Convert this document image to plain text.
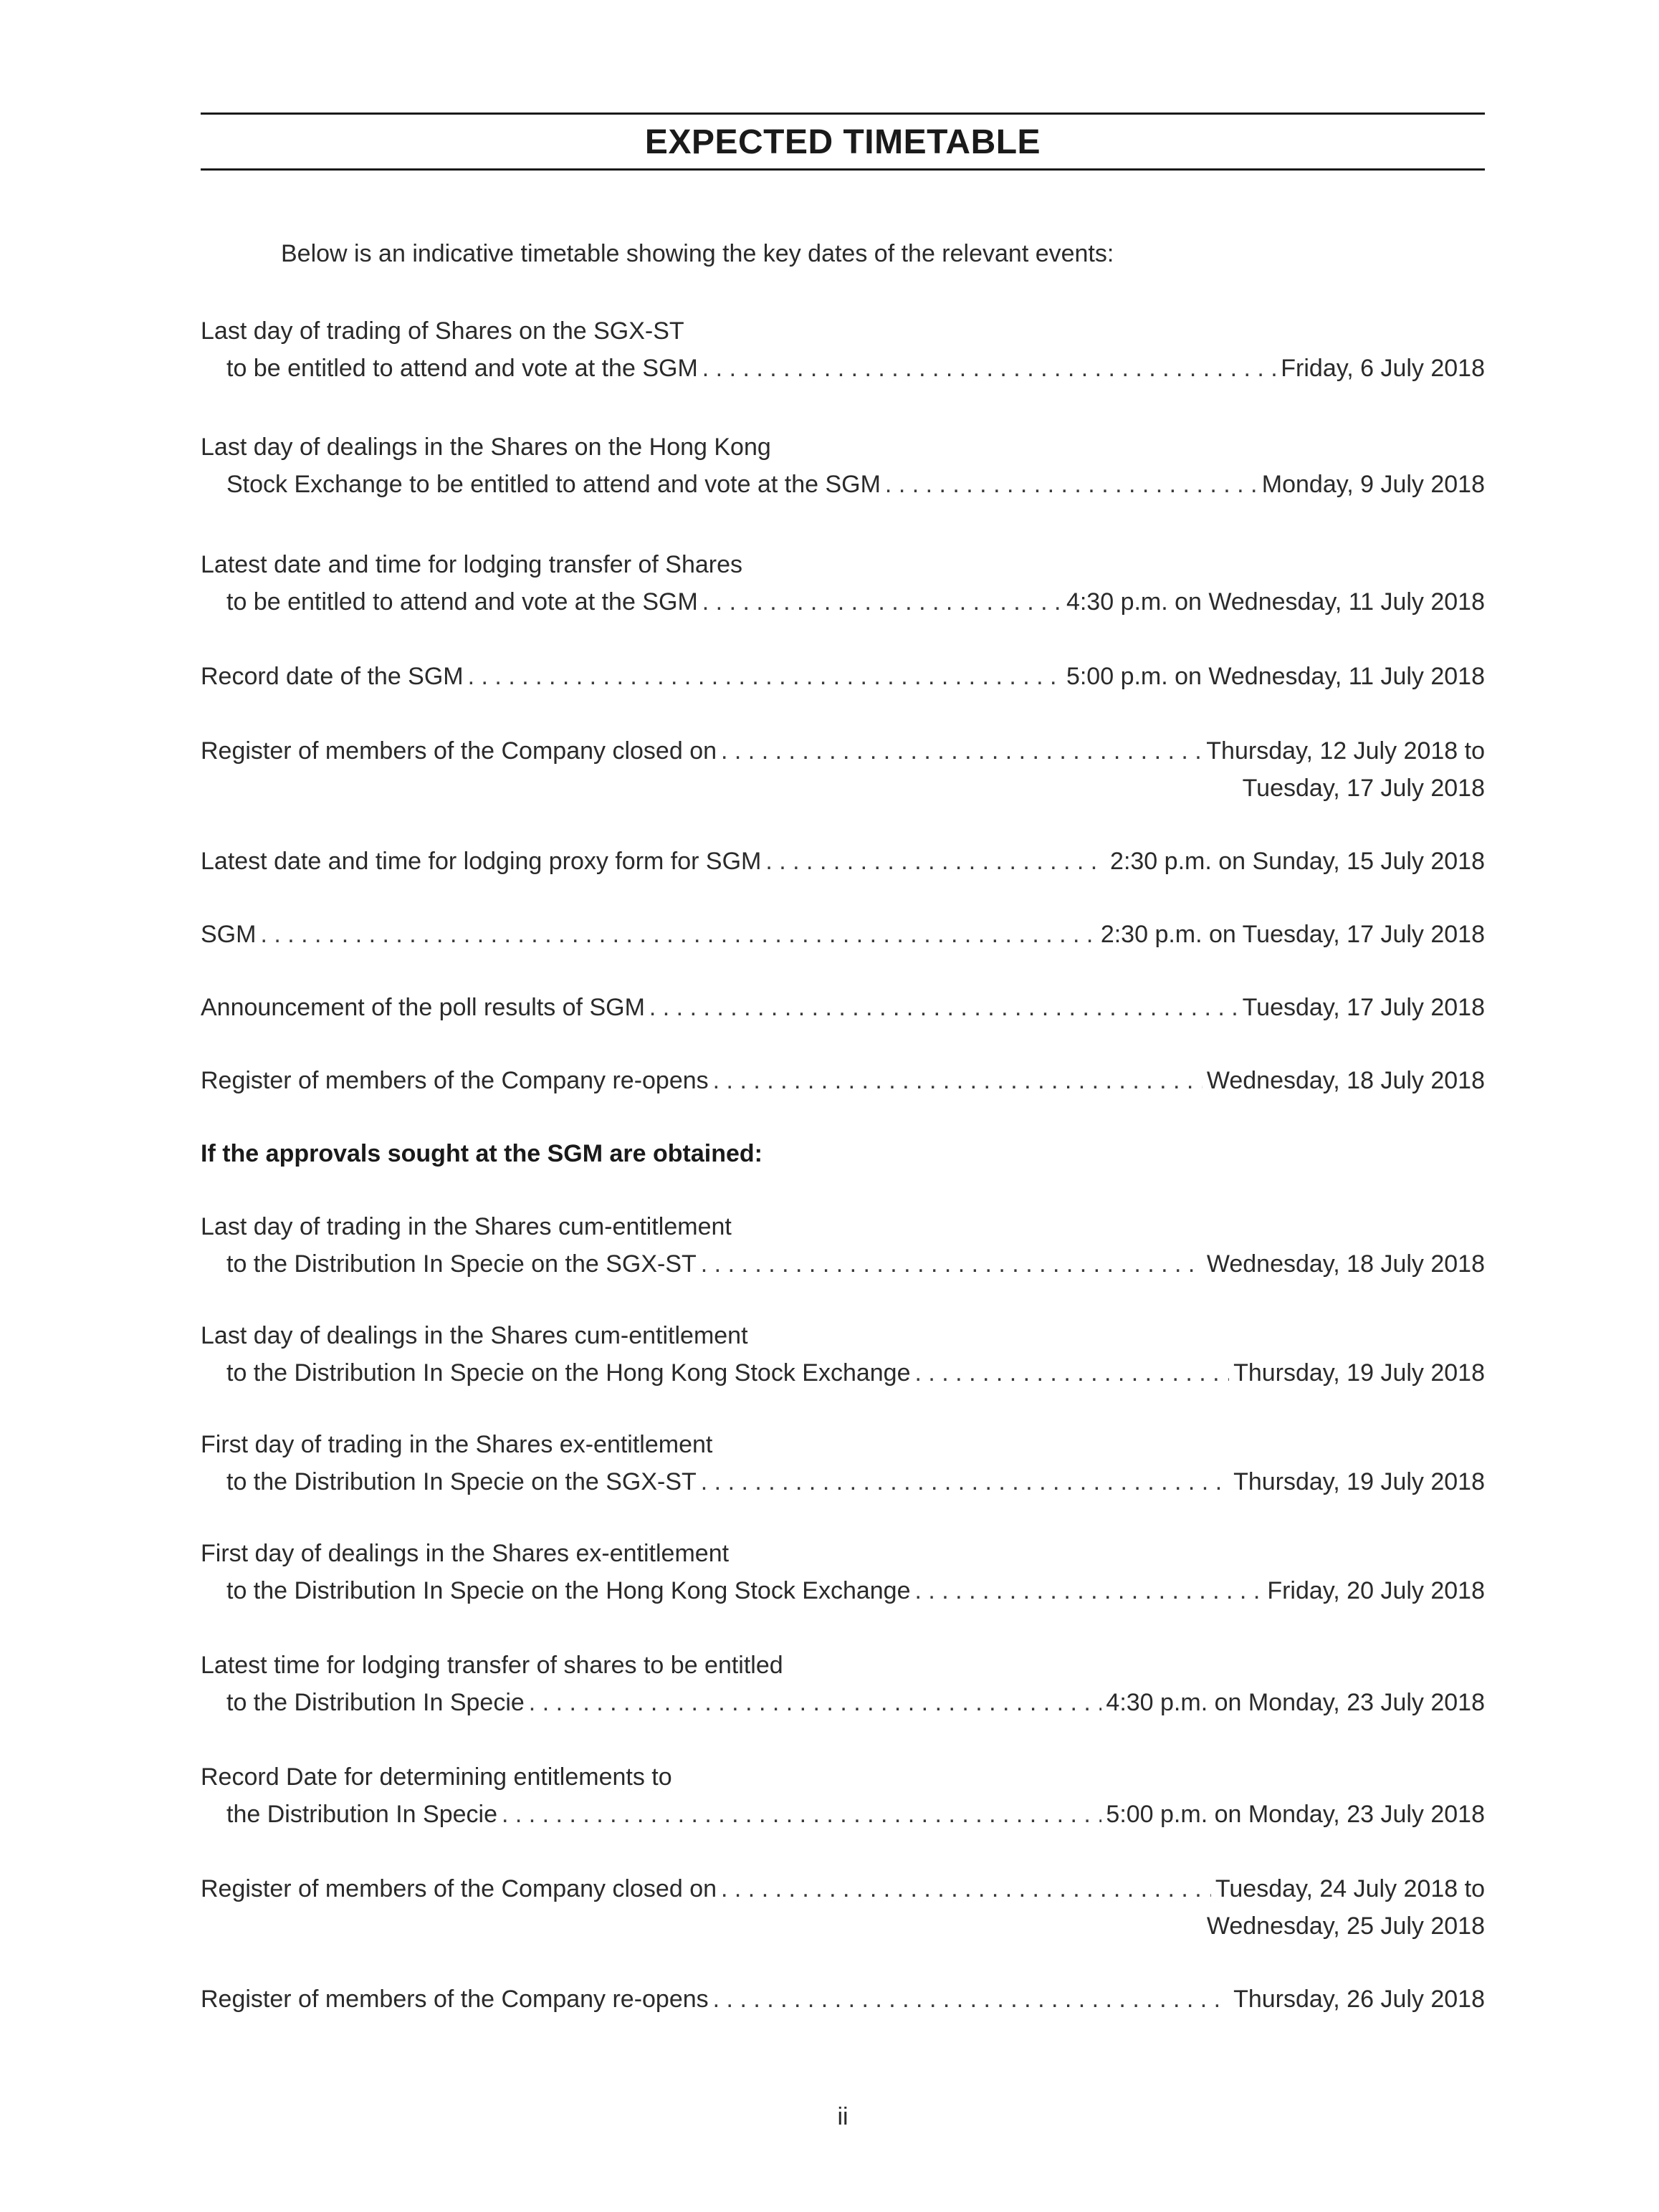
EXPECTED TIMETABLE
Below is an indicative timetable showing the key dates of the relevant events:
Last day of trading of Shares on the SGX-ST
to be entitled to attend and vote at the SGM . . .	Friday, 6 July 2018
Last day of dealings in the Shares on the Hong Kong
Stock Exchange to be entitled to attend and vote at the SGM . . .	Monday, 9 July 2018
Latest date and time for lodging transfer of Shares
to be entitled to attend and vote at the SGM . . .	4:30 p.m. on Wednesday, 11 July 2018
Record date of the SGM . . .	5:00 p.m. on Wednesday, 11 July 2018
Register of members of the Company closed on . . .	Thursday, 12 July 2018 to
Tuesday, 17 July 2018
Latest date and time for lodging proxy form for SGM . . .	2:30 p.m. on Sunday, 15 July 2018
SGM . . .	2:30 p.m. on Tuesday, 17 July 2018
Announcement of the poll results of SGM . . .	Tuesday, 17 July 2018
Register of members of the Company re-opens . . .	Wednesday, 18 July 2018
If the approvals sought at the SGM are obtained:
Last day of trading in the Shares cum-entitlement
to the Distribution In Specie on the SGX-ST . . .	Wednesday, 18 July 2018
Last day of dealings in the Shares cum-entitlement
to the Distribution In Specie on the Hong Kong Stock Exchange . . .	Thursday, 19 July 2018
First day of trading in the Shares ex-entitlement
to the Distribution In Specie on the SGX-ST . . .	Thursday, 19 July 2018
First day of dealings in the Shares ex-entitlement
to the Distribution In Specie on the Hong Kong Stock Exchange . . .	Friday, 20 July 2018
Latest time for lodging transfer of shares to be entitled
to the Distribution In Specie . . .	4:30 p.m. on Monday, 23 July 2018
Record Date for determining entitlements to
the Distribution In Specie . . .	5:00 p.m. on Monday, 23 July 2018
Register of members of the Company closed on . . .	Tuesday, 24 July 2018 to
Wednesday, 25 July 2018
Register of members of the Company re-opens . . .	Thursday, 26 July 2018
ii
